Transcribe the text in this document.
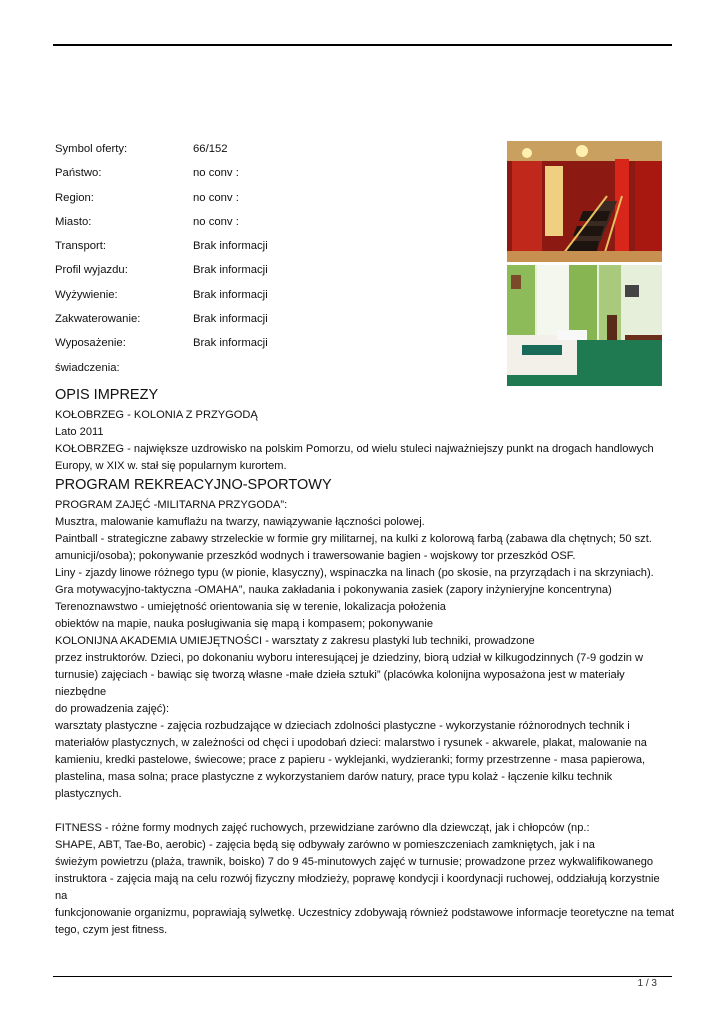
Symbol oferty:	66/152
Państwo:	no conv :
Region:	no conv :
Miasto:	no conv :
Transport:	Brak informacji
Profil wyjazdu:	Brak informacji
Wyżywienie:	Brak informacji
Zakwaterowanie:	Brak informacji
Wyposażenie:	Brak informacji
świadczenia:
OPIS IMPREZY

KOŁOBRZEG - KOLONIA Z PRZYGODĄ

Lato 2011

KOŁOBRZEG - największe uzdrowisko na polskim Pomorzu, od wielu stuleci najważniejszy punkt na drogach handlowych

Europy, w XIX w. stał się popularnym kurortem.

PROGRAM REKREACYJNO-SPORTOWY

PROGRAM ZAJĘĆ -MILITARNA PRZYGODA”:

Musztra, malowanie kamuflażu na twarzy, nawiązywanie łączności polowej.

Paintball - strategiczne zabawy strzeleckie w formie gry militarnej, na kulki z kolorową farbą (zabawa dla chętnych; 50 szt.

amunicji/osoba); pokonywanie przeszkód wodnych i trawersowanie bagien - wojskowy tor przeszkód OSF.

Liny - zjazdy linowe różnego typu (w pionie, klasyczny), wspinaczka na linach (po skosie, na przyrządach i na skrzyniach).

Gra motywacyjno-taktyczna -OMAHA”, nauka zakładania i pokonywania zasiek (zapory inżynieryjne koncentryna)

Terenoznawstwo - umiejętność orientowania się w terenie, lokalizacja położenia

obiektów na mapie, nauka posługiwania się mapą i kompasem; pokonywanie

KOLONIJNA AKADEMIA UMIEJĘTNOŚCI - warsztaty z zakresu plastyki lub techniki, prowadzone

przez instruktorów. Dzieci, po dokonaniu wyboru interesującej je dziedziny, biorą udział w kilkugodzinnych (7-9 godzin w

turnusie) zajęciach - bawiąc się tworzą własne -małe dzieła sztuki” (placówka kolonijna wyposażona jest w materiały niezbędne

do prowadzenia zajęć):

warsztaty plastyczne - zajęcia rozbudzające w dzieciach zdolności plastyczne - wykorzystanie różnorodnych technik i

materiałów plastycznych, w zależności od chęci i upodobań dzieci: malarstwo i rysunek - akwarele, plakat, malowanie na

kamieniu, kredki pastelowe, świecowe; prace z papieru - wyklejanki, wydzieranki; formy przestrzenne - masa papierowa,

plastelina, masa solna; prace plastyczne z wykorzystaniem darów natury, prace typu kolaż - łączenie kilku technik

plastycznych.

FITNESS - różne formy modnych zajęć ruchowych, przewidziane zarówno dla dziewcząt, jak i chłopców (np.:

SHAPE, ABT, Tae-Bo, aerobic) - zajęcia będą się odbywały zarówno w pomieszczeniach zamkniętych, jak i na

świeżym powietrzu (plaża, trawnik, boisko) 7 do 9 45-minutowych zajęć w turnusie; prowadzone przez wykwalifikowanego

instruktora - zajęcia mają na celu rozwój fizyczny młodzieży, poprawę kondycji i koordynacji ruchowej, oddziałują korzystnie na

funkcjonowanie organizmu, poprawiają sylwetkę. Uczestnicy zdobywają również podstawowe informacje teoretyczne na temat

tego, czym jest fitness.

1 / 3
